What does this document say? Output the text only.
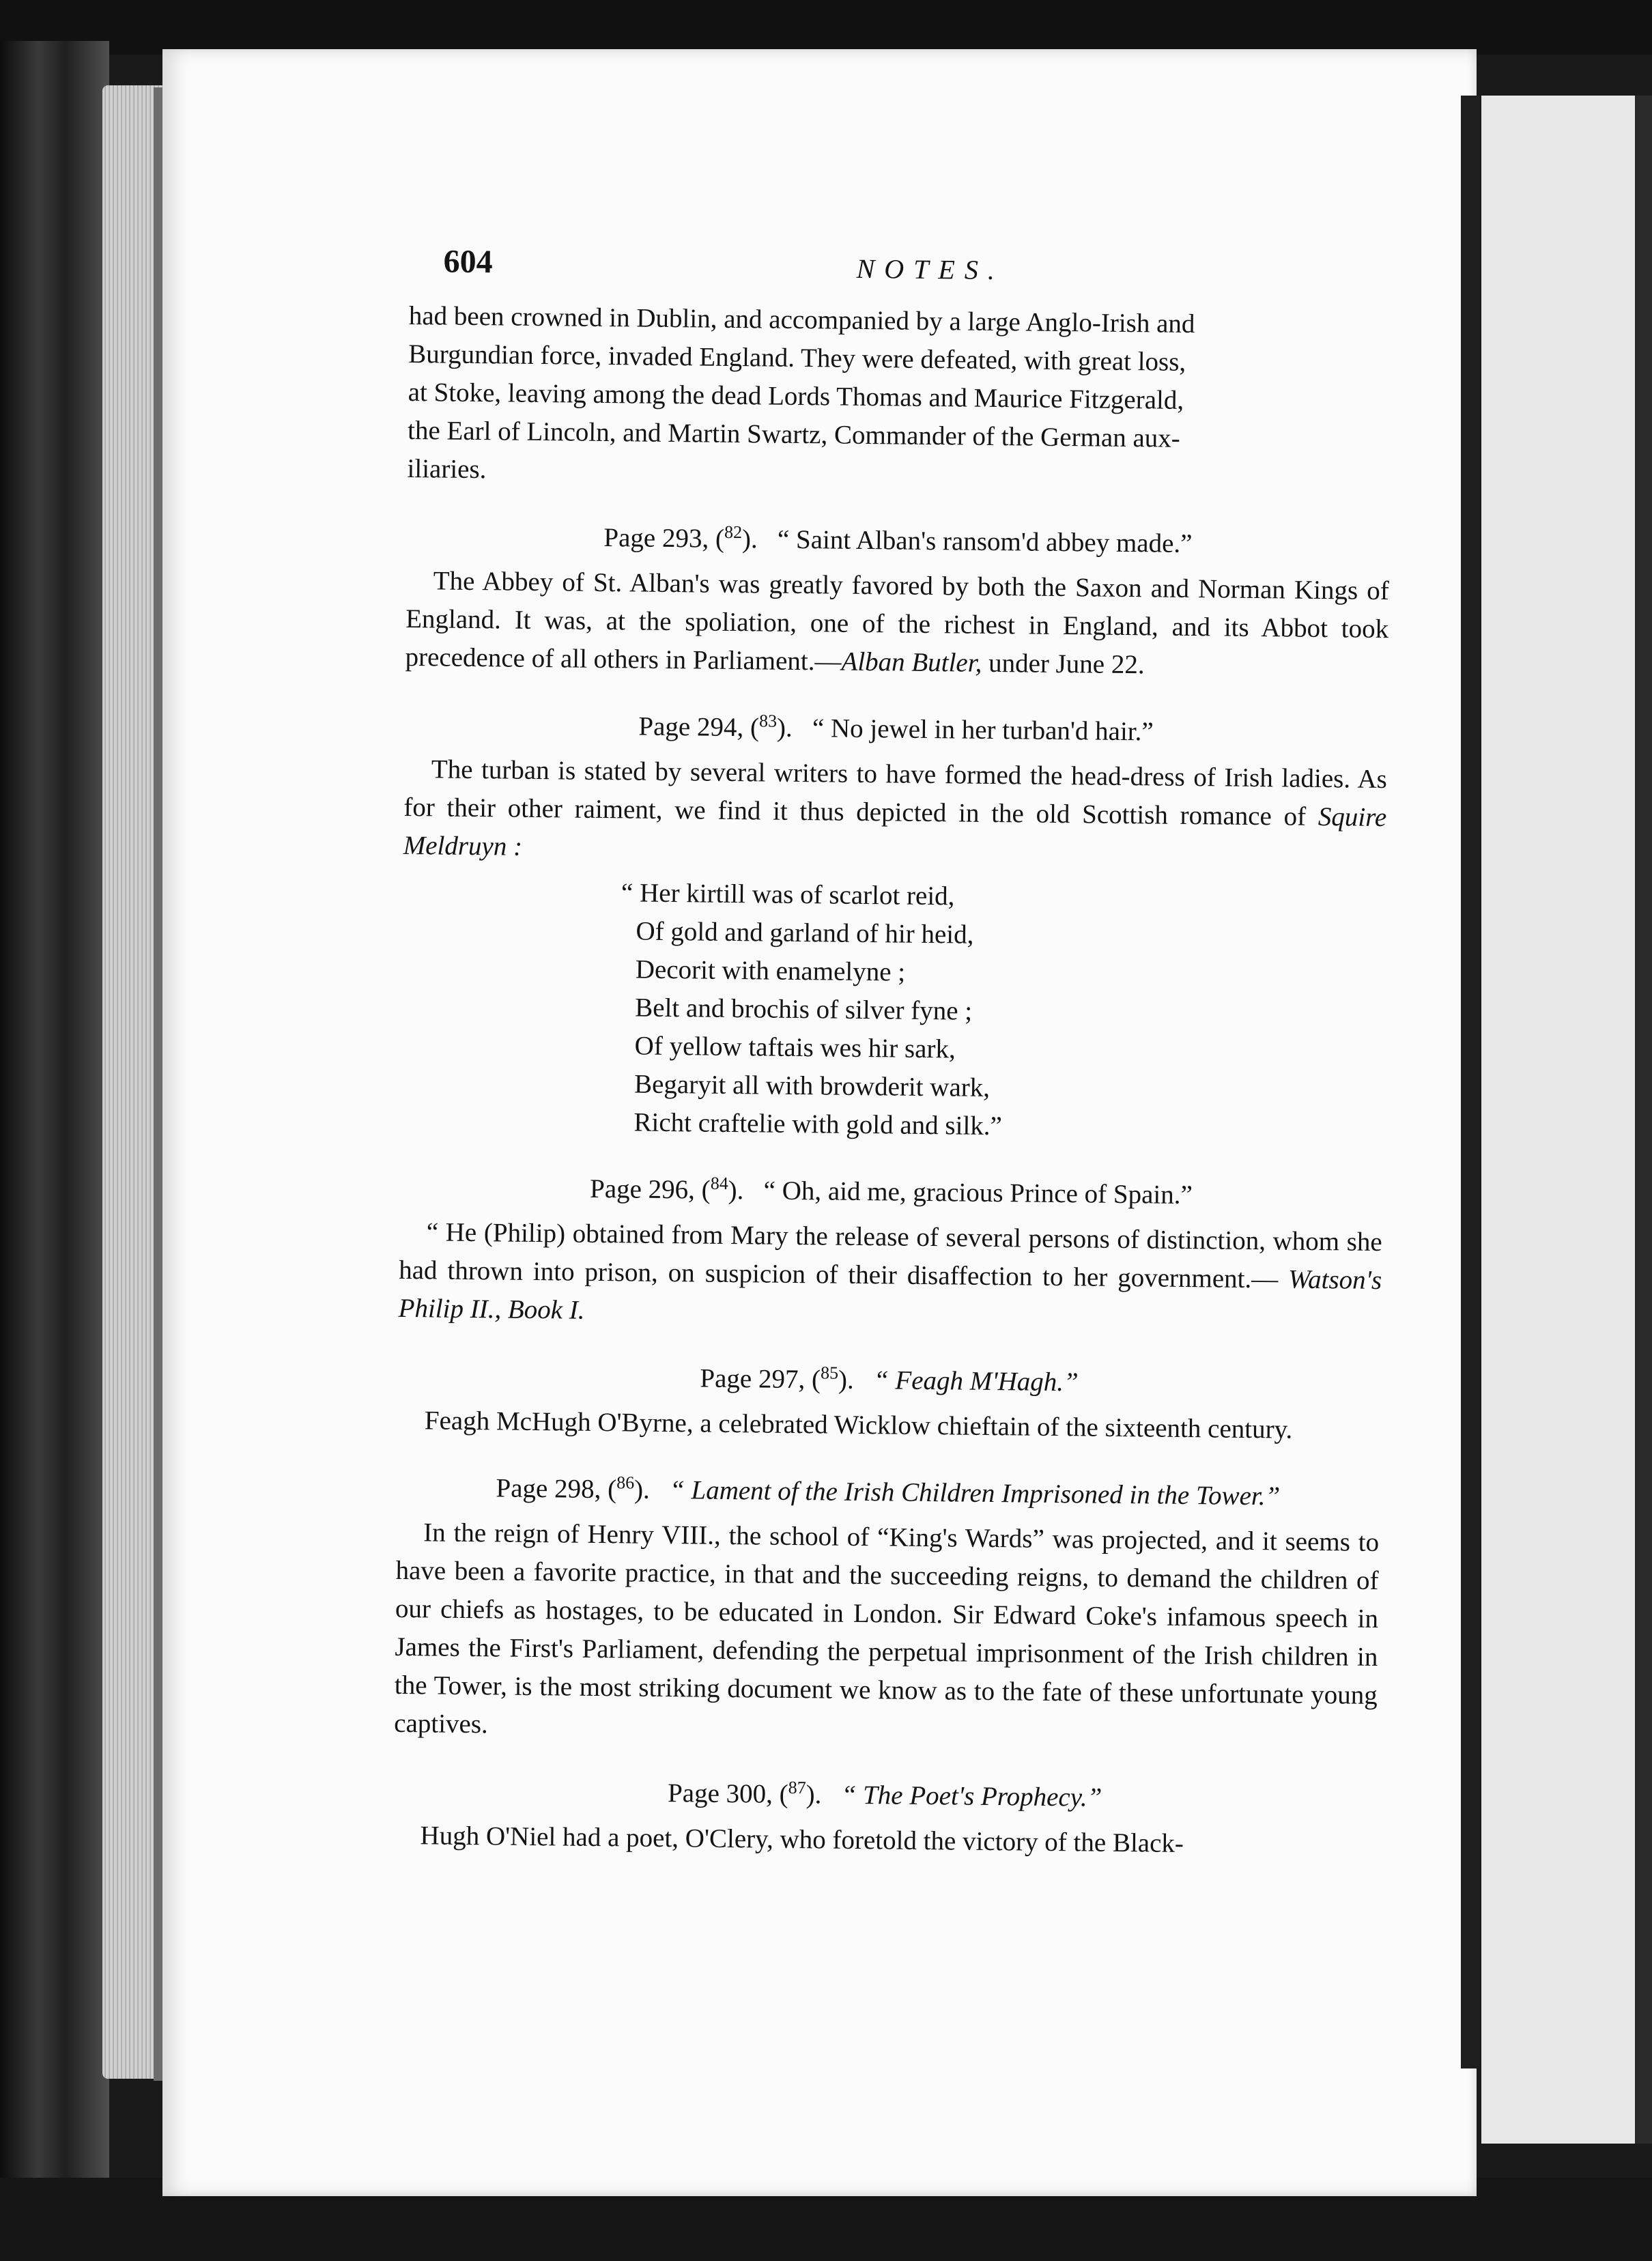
604	NOTES.

had been crowned in Dublin, and accompanied by a large Anglo-Irish and
Burgundian force, invaded England. They were defeated, with great loss,
at Stoke, leaving among the dead Lords Thomas and Maurice Fitzgerald,
the Earl of Lincoln, and Martin Swartz, Commander of the German aux-
iliaries.

Page 293, ($^{82}$). “ Saint Alban's ransom'd abbey made.”

The Abbey of St. Alban's was greatly favored by both the Saxon and Norman Kings of England. It was, at the spoliation, one of the richest in England, and its Abbot took precedence of all others in Parliament.—Alban Butler, under June 22.

Page 294, ($^{83}$). “ No jewel in her turban'd hair.”

The turban is stated by several writers to have formed the head-dress of Irish ladies. As for their other raiment, we find it thus depicted in the old Scottish romance of Squire Meldruyn :

“ Her kirtill was of scarlot reid,
Of gold and garland of hir heid,
Decorit with enamelyne ;
Belt and brochis of silver fyne ;
Of yellow taftais wes hir sark,
Begaryit all with browderit wark,
Richt craftelie with gold and silk.”
Page 296, ($^{84}$). “ Oh, aid me, gracious Prince of Spain.”

“ He (Philip) obtained from Mary the release of several persons of distinction, whom she had thrown into prison, on suspicion of their disaffection to her government.— Watson's Philip II., Book I.

Page 297, ($^{85}$). “ Feagh M'Hagh.”

Feagh McHugh O'Byrne, a celebrated Wicklow chieftain of the sixteenth century.

Page 298, ($^{86}$). “ Lament of the Irish Children Imprisoned in the Tower.”

In the reign of Henry VIII., the school of “King's Wards” was projected, and it seems to have been a favorite practice, in that and the succeeding reigns, to demand the children of our chiefs as hostages, to be educated in London. Sir Edward Coke's infamous speech in James the First's Parliament, defending the perpetual imprisonment of the Irish children in the Tower, is the most striking document we know as to the fate of these unfortunate young captives.

Page 300, ($^{87}$). “ The Poet's Prophecy.”

Hugh O'Niel had a poet, O'Clery, who foretold the victory of the Black-
